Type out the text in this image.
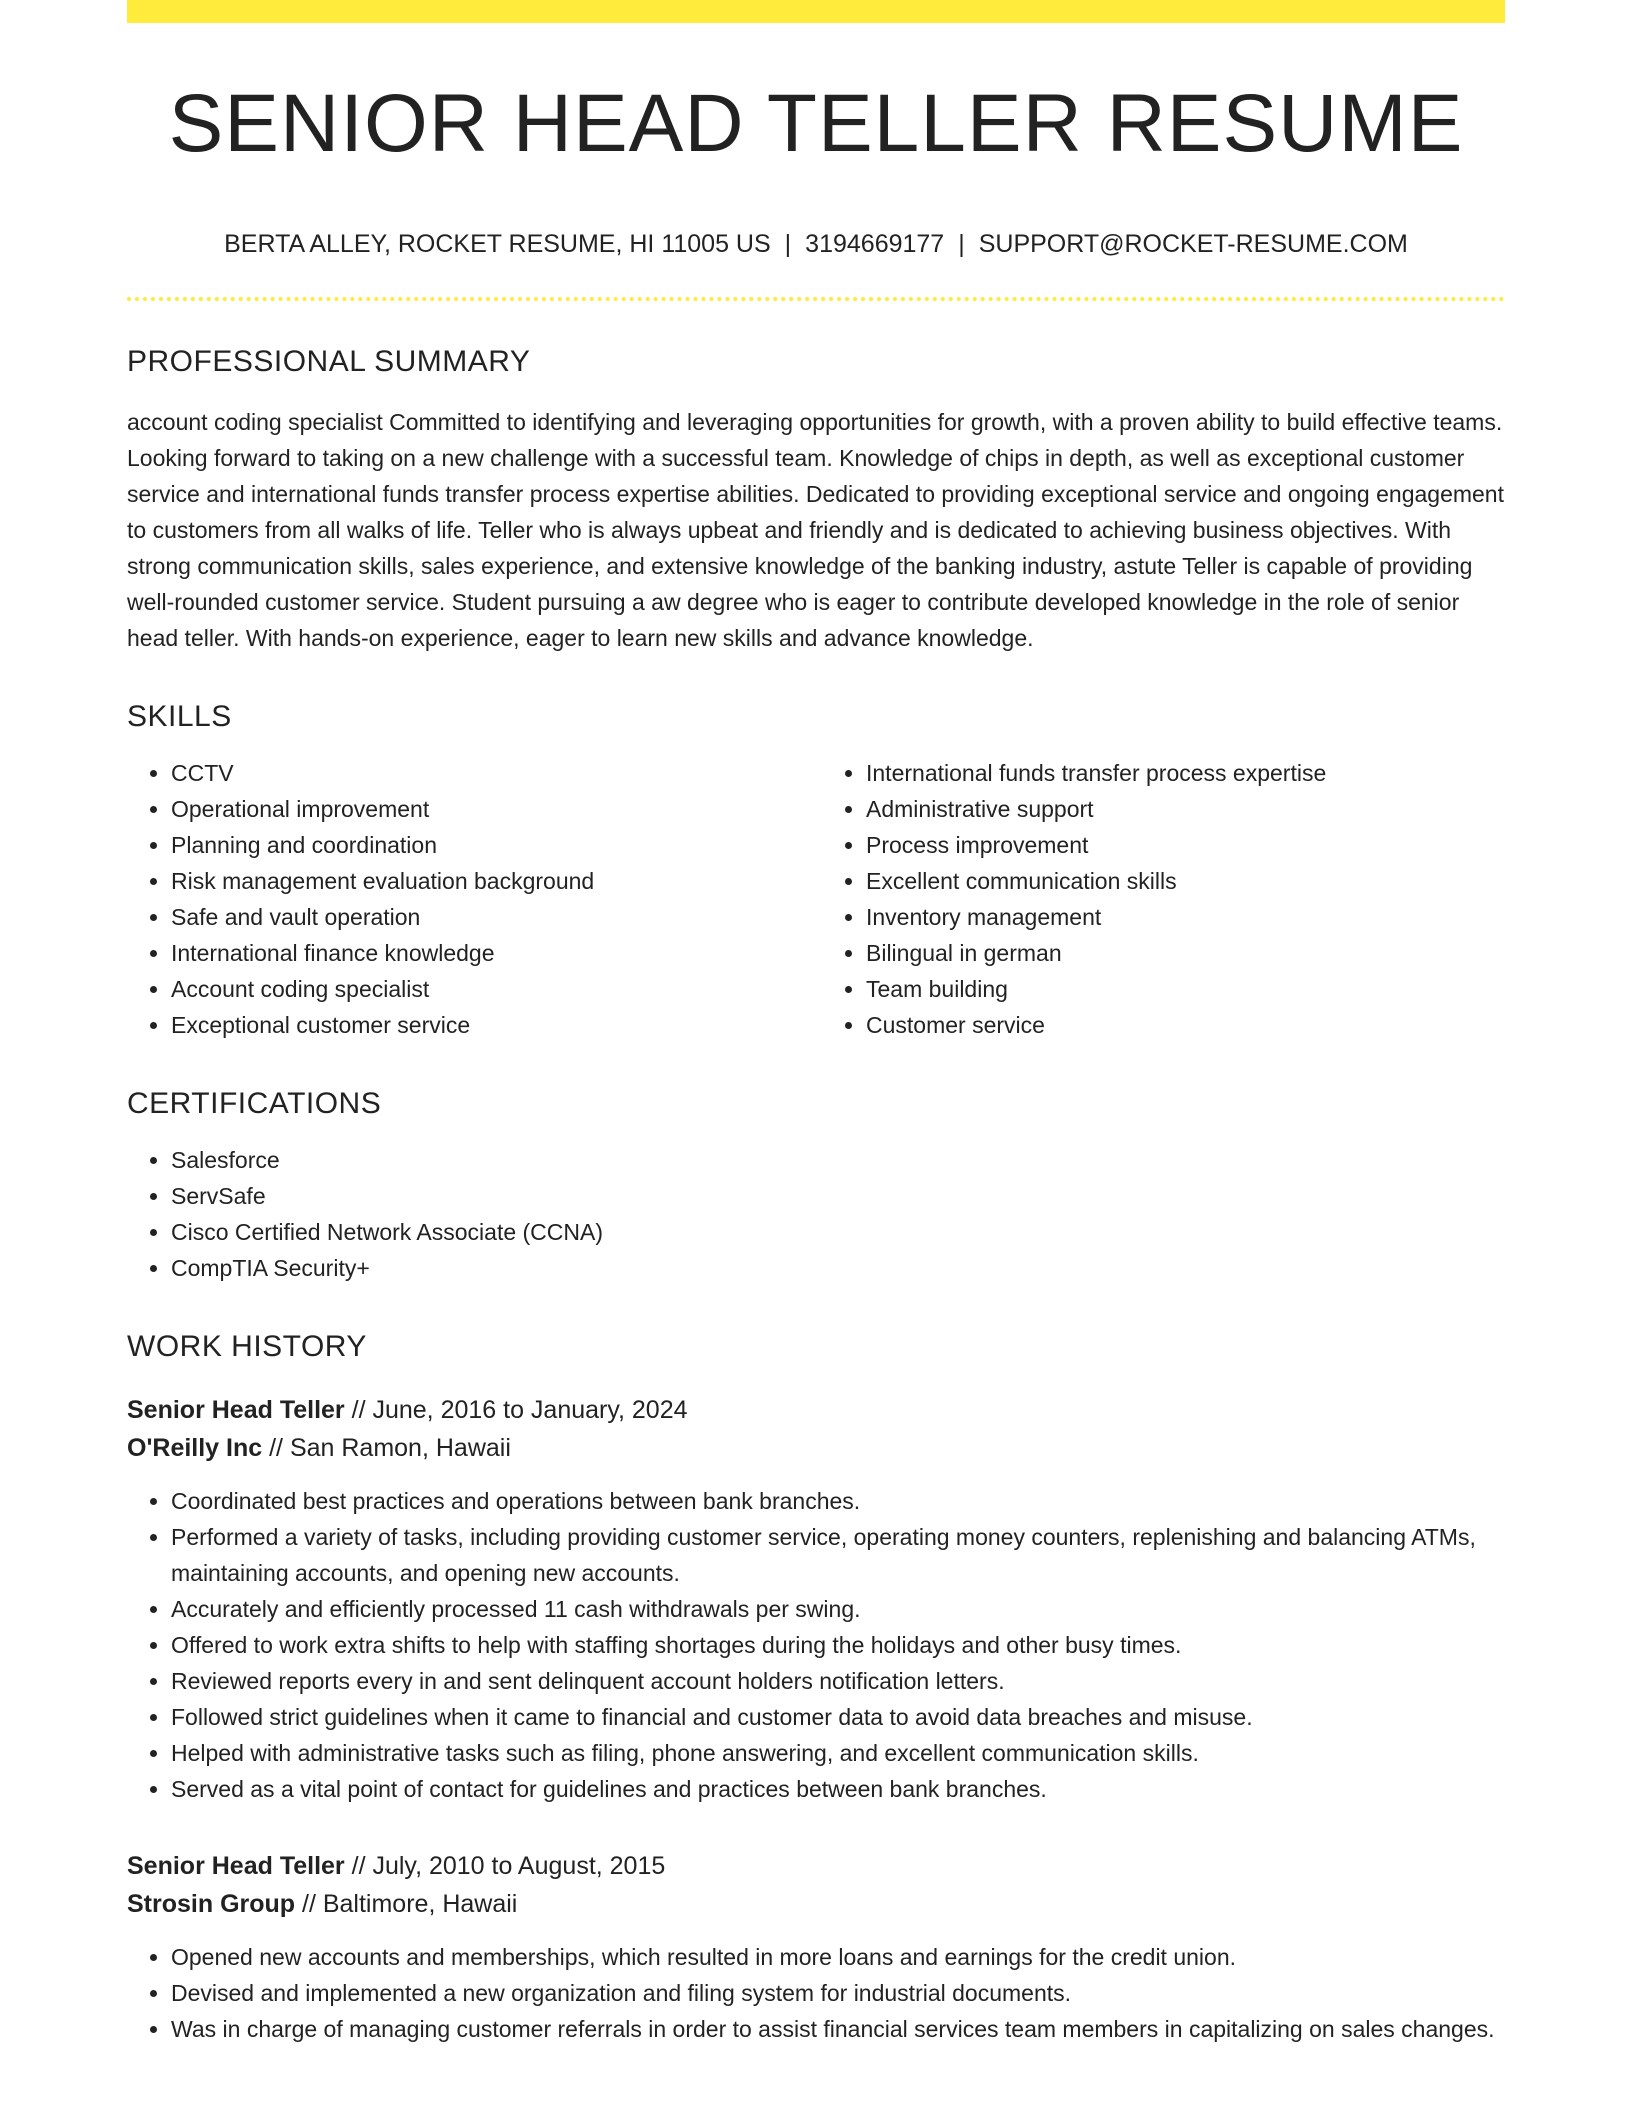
SENIOR HEAD TELLER RESUME
BERTA ALLEY, ROCKET RESUME, HI 11005 US | 3194669177 | SUPPORT@ROCKET-RESUME.COM
PROFESSIONAL SUMMARY

account coding specialist Committed to identifying and leveraging opportunities for growth, with a proven ability to build effective teams. Looking forward to taking on a new challenge with a successful team. Knowledge of chips in depth, as well as exceptional customer service and international funds transfer process expertise abilities. Dedicated to providing exceptional service and ongoing engagement to customers from all walks of life. Teller who is always upbeat and friendly and is dedicated to achieving business objectives. With strong communication skills, sales experience, and extensive knowledge of the banking industry, astute Teller is capable of providing well-rounded customer service. Student pursuing a aw degree who is eager to contribute developed knowledge in the role of senior head teller. With hands-on experience, eager to learn new skills and advance knowledge.

SKILLS
• CCTV
• Operational improvement
• Planning and coordination
• Risk management evaluation background
• Safe and vault operation
• International finance knowledge
• Account coding specialist
• Exceptional customer service
• International funds transfer process expertise
• Administrative support
• Process improvement
• Excellent communication skills
• Inventory management
• Bilingual in german
• Team building
• Customer service
CERTIFICATIONS
• Salesforce
• ServSafe
• Cisco Certified Network Associate (CCNA)
• CompTIA Security+
WORK HISTORY
Senior Head Teller // June, 2016 to January, 2024
O'Reilly Inc // San Ramon, Hawaii
• Coordinated best practices and operations between bank branches.
• Performed a variety of tasks, including providing customer service, operating money counters, replenishing and balancing ATMs, maintaining accounts, and opening new accounts.
• Accurately and efficiently processed 11 cash withdrawals per swing.
• Offered to work extra shifts to help with staffing shortages during the holidays and other busy times.
• Reviewed reports every in and sent delinquent account holders notification letters.
• Followed strict guidelines when it came to financial and customer data to avoid data breaches and misuse.
• Helped with administrative tasks such as filing, phone answering, and excellent communication skills.
• Served as a vital point of contact for guidelines and practices between bank branches.
Senior Head Teller // July, 2010 to August, 2015
Strosin Group // Baltimore, Hawaii
• Opened new accounts and memberships, which resulted in more loans and earnings for the credit union.
• Devised and implemented a new organization and filing system for industrial documents.
• Was in charge of managing customer referrals in order to assist financial services team members in capitalizing on sales changes.
